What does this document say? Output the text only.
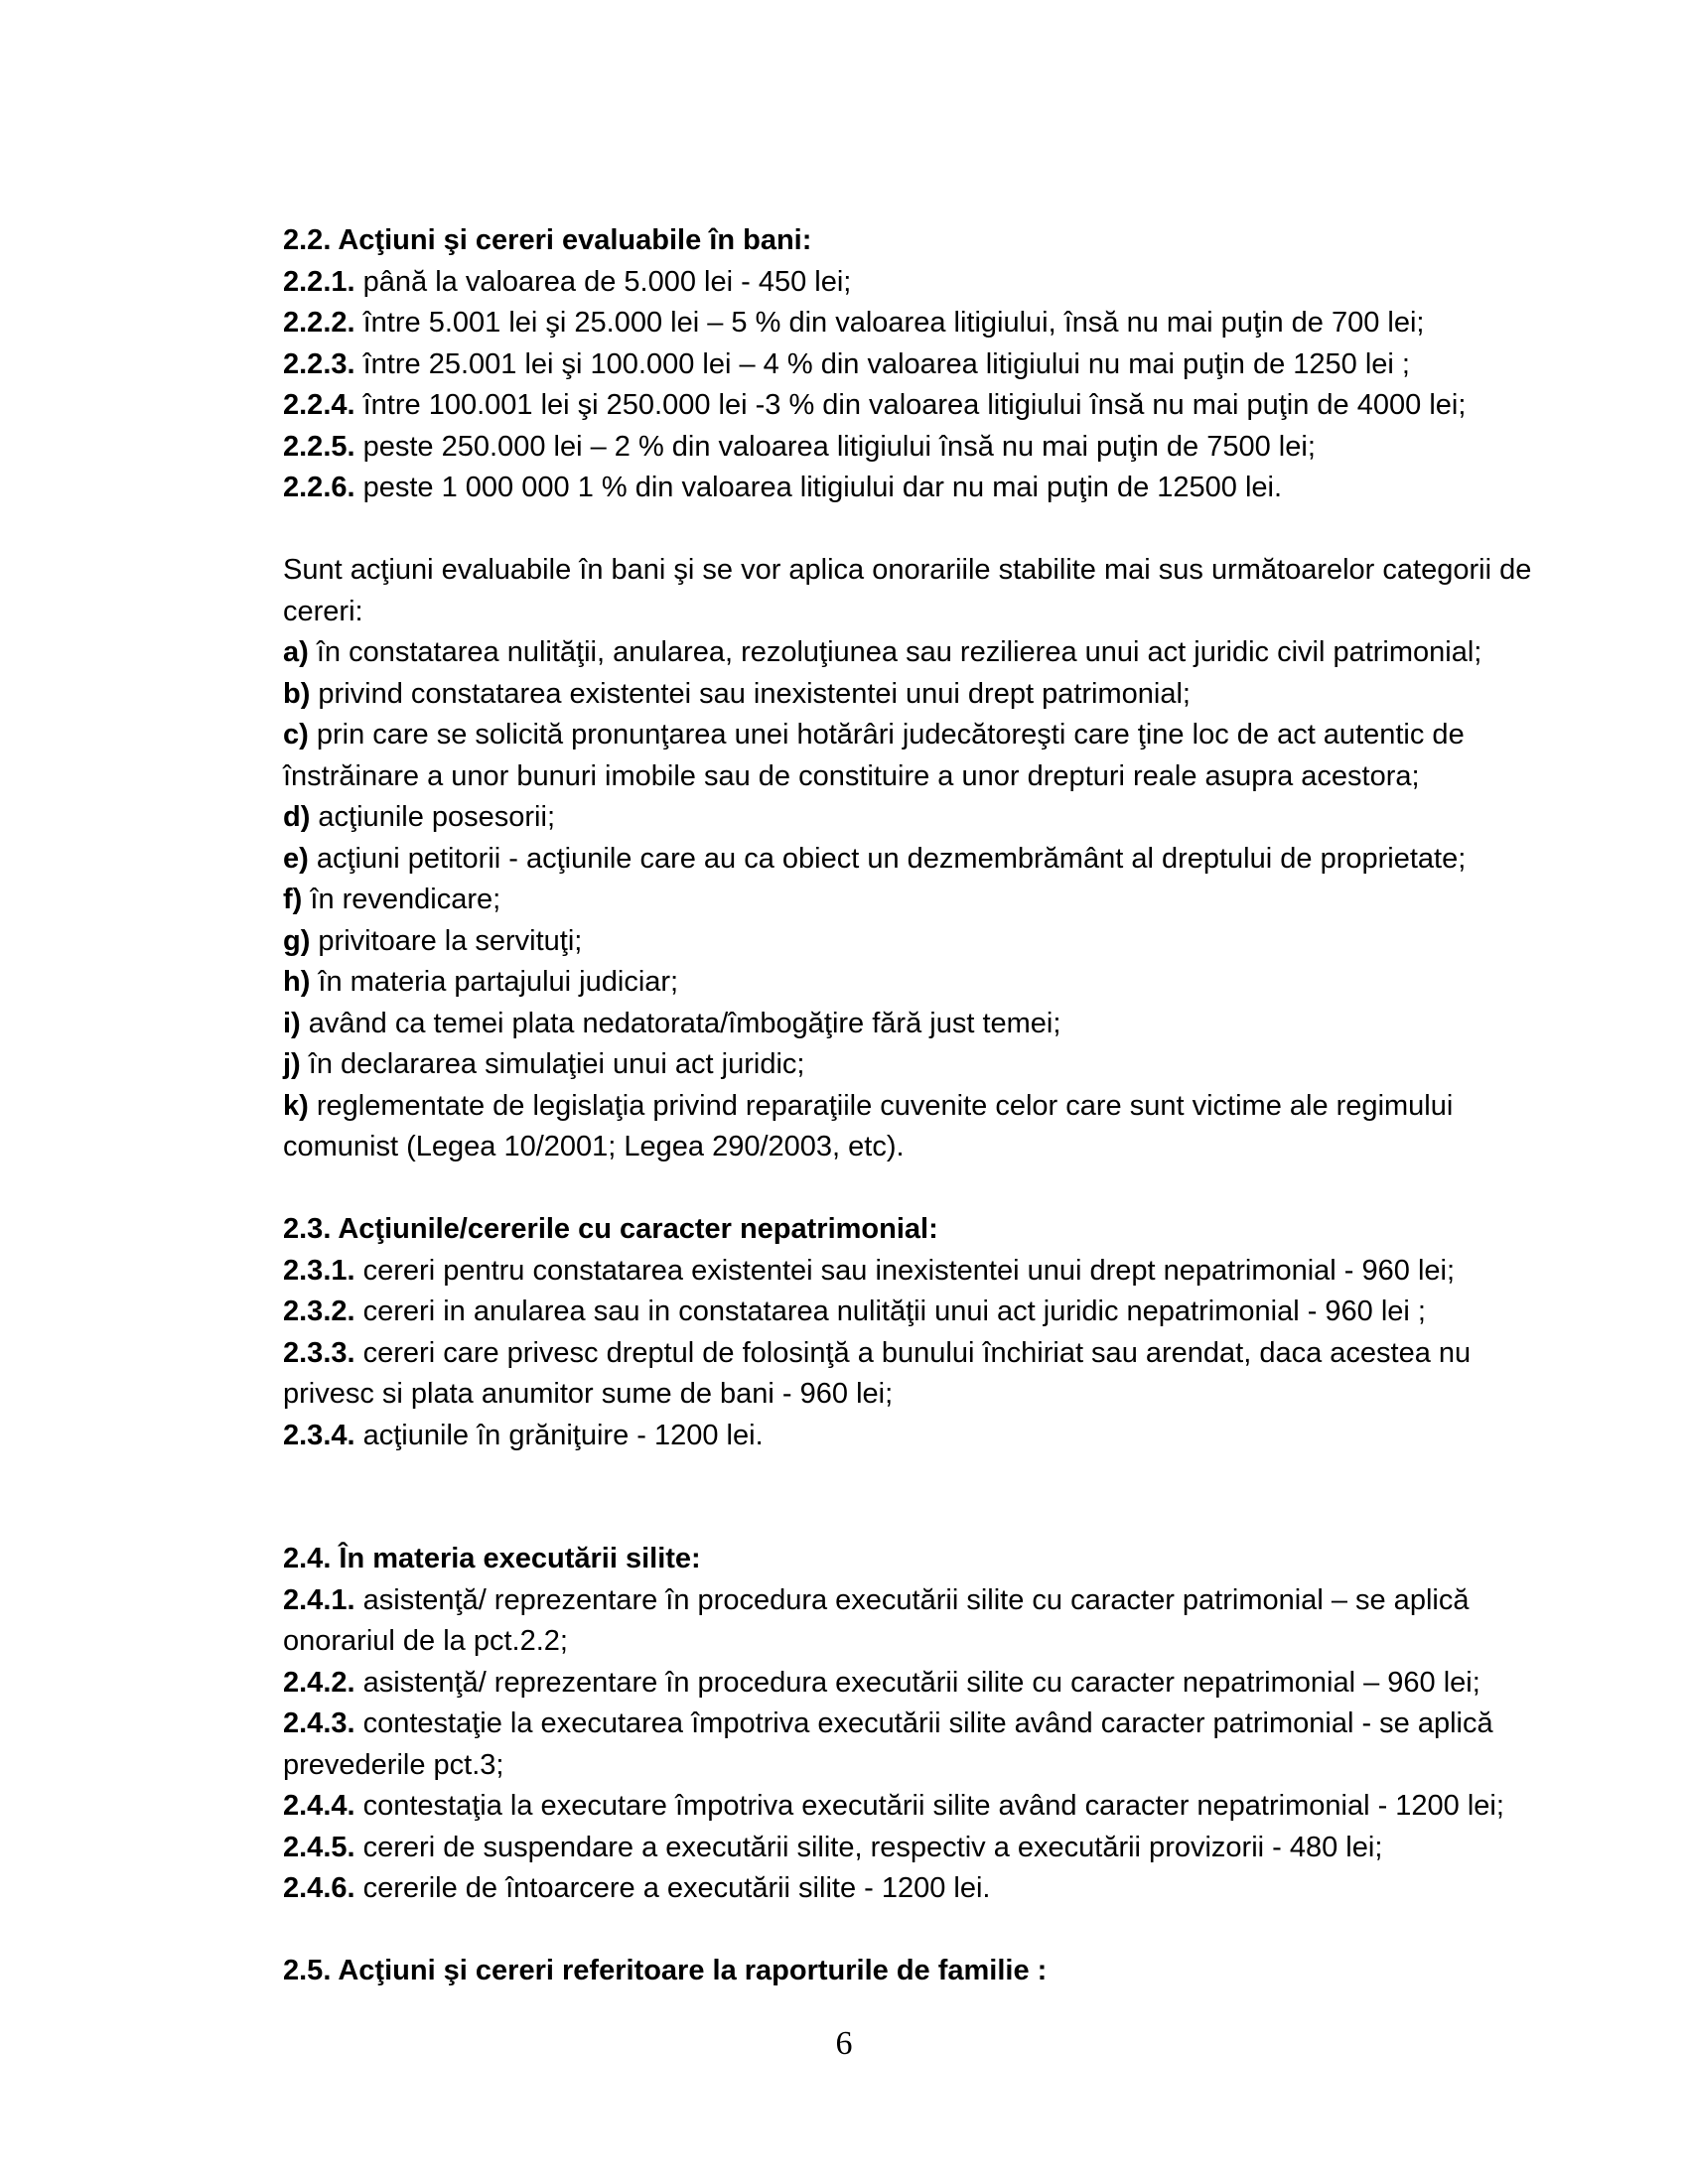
2.2. Acţiuni şi cereri evaluabile în bani:

2.2.1. până la valoarea de 5.000 lei - 450 lei;

2.2.2. între 5.001 lei şi 25.000 lei – 5 % din valoarea litigiului, însă nu mai puţin de 700 lei;

2.2.3. între 25.001 lei şi 100.000 lei – 4 % din valoarea litigiului nu mai puţin de 1250 lei ;

2.2.4. între 100.001 lei şi 250.000 lei -3 % din valoarea litigiului însă nu mai puţin de 4000 lei;

2.2.5. peste 250.000 lei – 2 % din valoarea litigiului însă nu mai puţin de 7500 lei;

2.2.6. peste 1 000 000 1 % din valoarea litigiului dar nu mai puţin de 12500 lei.

Sunt acţiuni evaluabile în bani şi se vor aplica onorariile stabilite mai sus următoarelor categorii de cereri:

a) în constatarea nulităţii, anularea, rezoluţiunea sau rezilierea unui act juridic civil patrimonial;

b) privind constatarea existentei sau inexistentei unui drept patrimonial;

c) prin care se solicită pronunţarea unei hotărâri judecătoreşti care ţine loc de act autentic de înstrăinare a unor bunuri imobile sau de constituire a unor drepturi reale asupra acestora;

d) acţiunile posesorii;

e) acţiuni petitorii - acţiunile care au ca obiect un dezmembrământ al dreptului de proprietate;

f) în revendicare;

g) privitoare la servituţi;

h) în materia partajului judiciar;

i) având ca temei plata nedatorata/îmbogăţire fără just temei;

j) în declararea simulaţiei unui act juridic;

k) reglementate de legislaţia privind reparaţiile cuvenite celor care sunt victime ale regimului comunist (Legea 10/2001; Legea 290/2003, etc).

2.3. Acţiunile/cererile cu caracter nepatrimonial:

2.3.1. cereri pentru constatarea existentei sau inexistentei unui drept nepatrimonial - 960 lei;

2.3.2. cereri in anularea sau in constatarea nulităţii unui act juridic nepatrimonial - 960 lei ;

2.3.3. cereri care privesc dreptul de folosinţă a bunului închiriat sau arendat, daca acestea nu privesc si plata anumitor sume de bani - 960 lei;

2.3.4. acţiunile în grăniţuire - 1200 lei.

2.4. În materia executării silite:

2.4.1. asistenţă/ reprezentare în procedura executării silite cu caracter patrimonial – se aplică onorariul de la pct.2.2;

2.4.2. asistenţă/ reprezentare în procedura executării silite cu caracter nepatrimonial – 960 lei;

2.4.3. contestaţie la executarea împotriva executării silite având caracter patrimonial - se aplică prevederile pct.3;

2.4.4. contestaţia la executare împotriva executării silite având caracter nepatrimonial - 1200 lei;

2.4.5. cereri de suspendare a executării silite, respectiv a executării provizorii - 480 lei;

2.4.6. cererile de întoarcere a executării silite - 1200 lei.

2.5. Acţiuni şi cereri referitoare la raporturile de familie :

6
